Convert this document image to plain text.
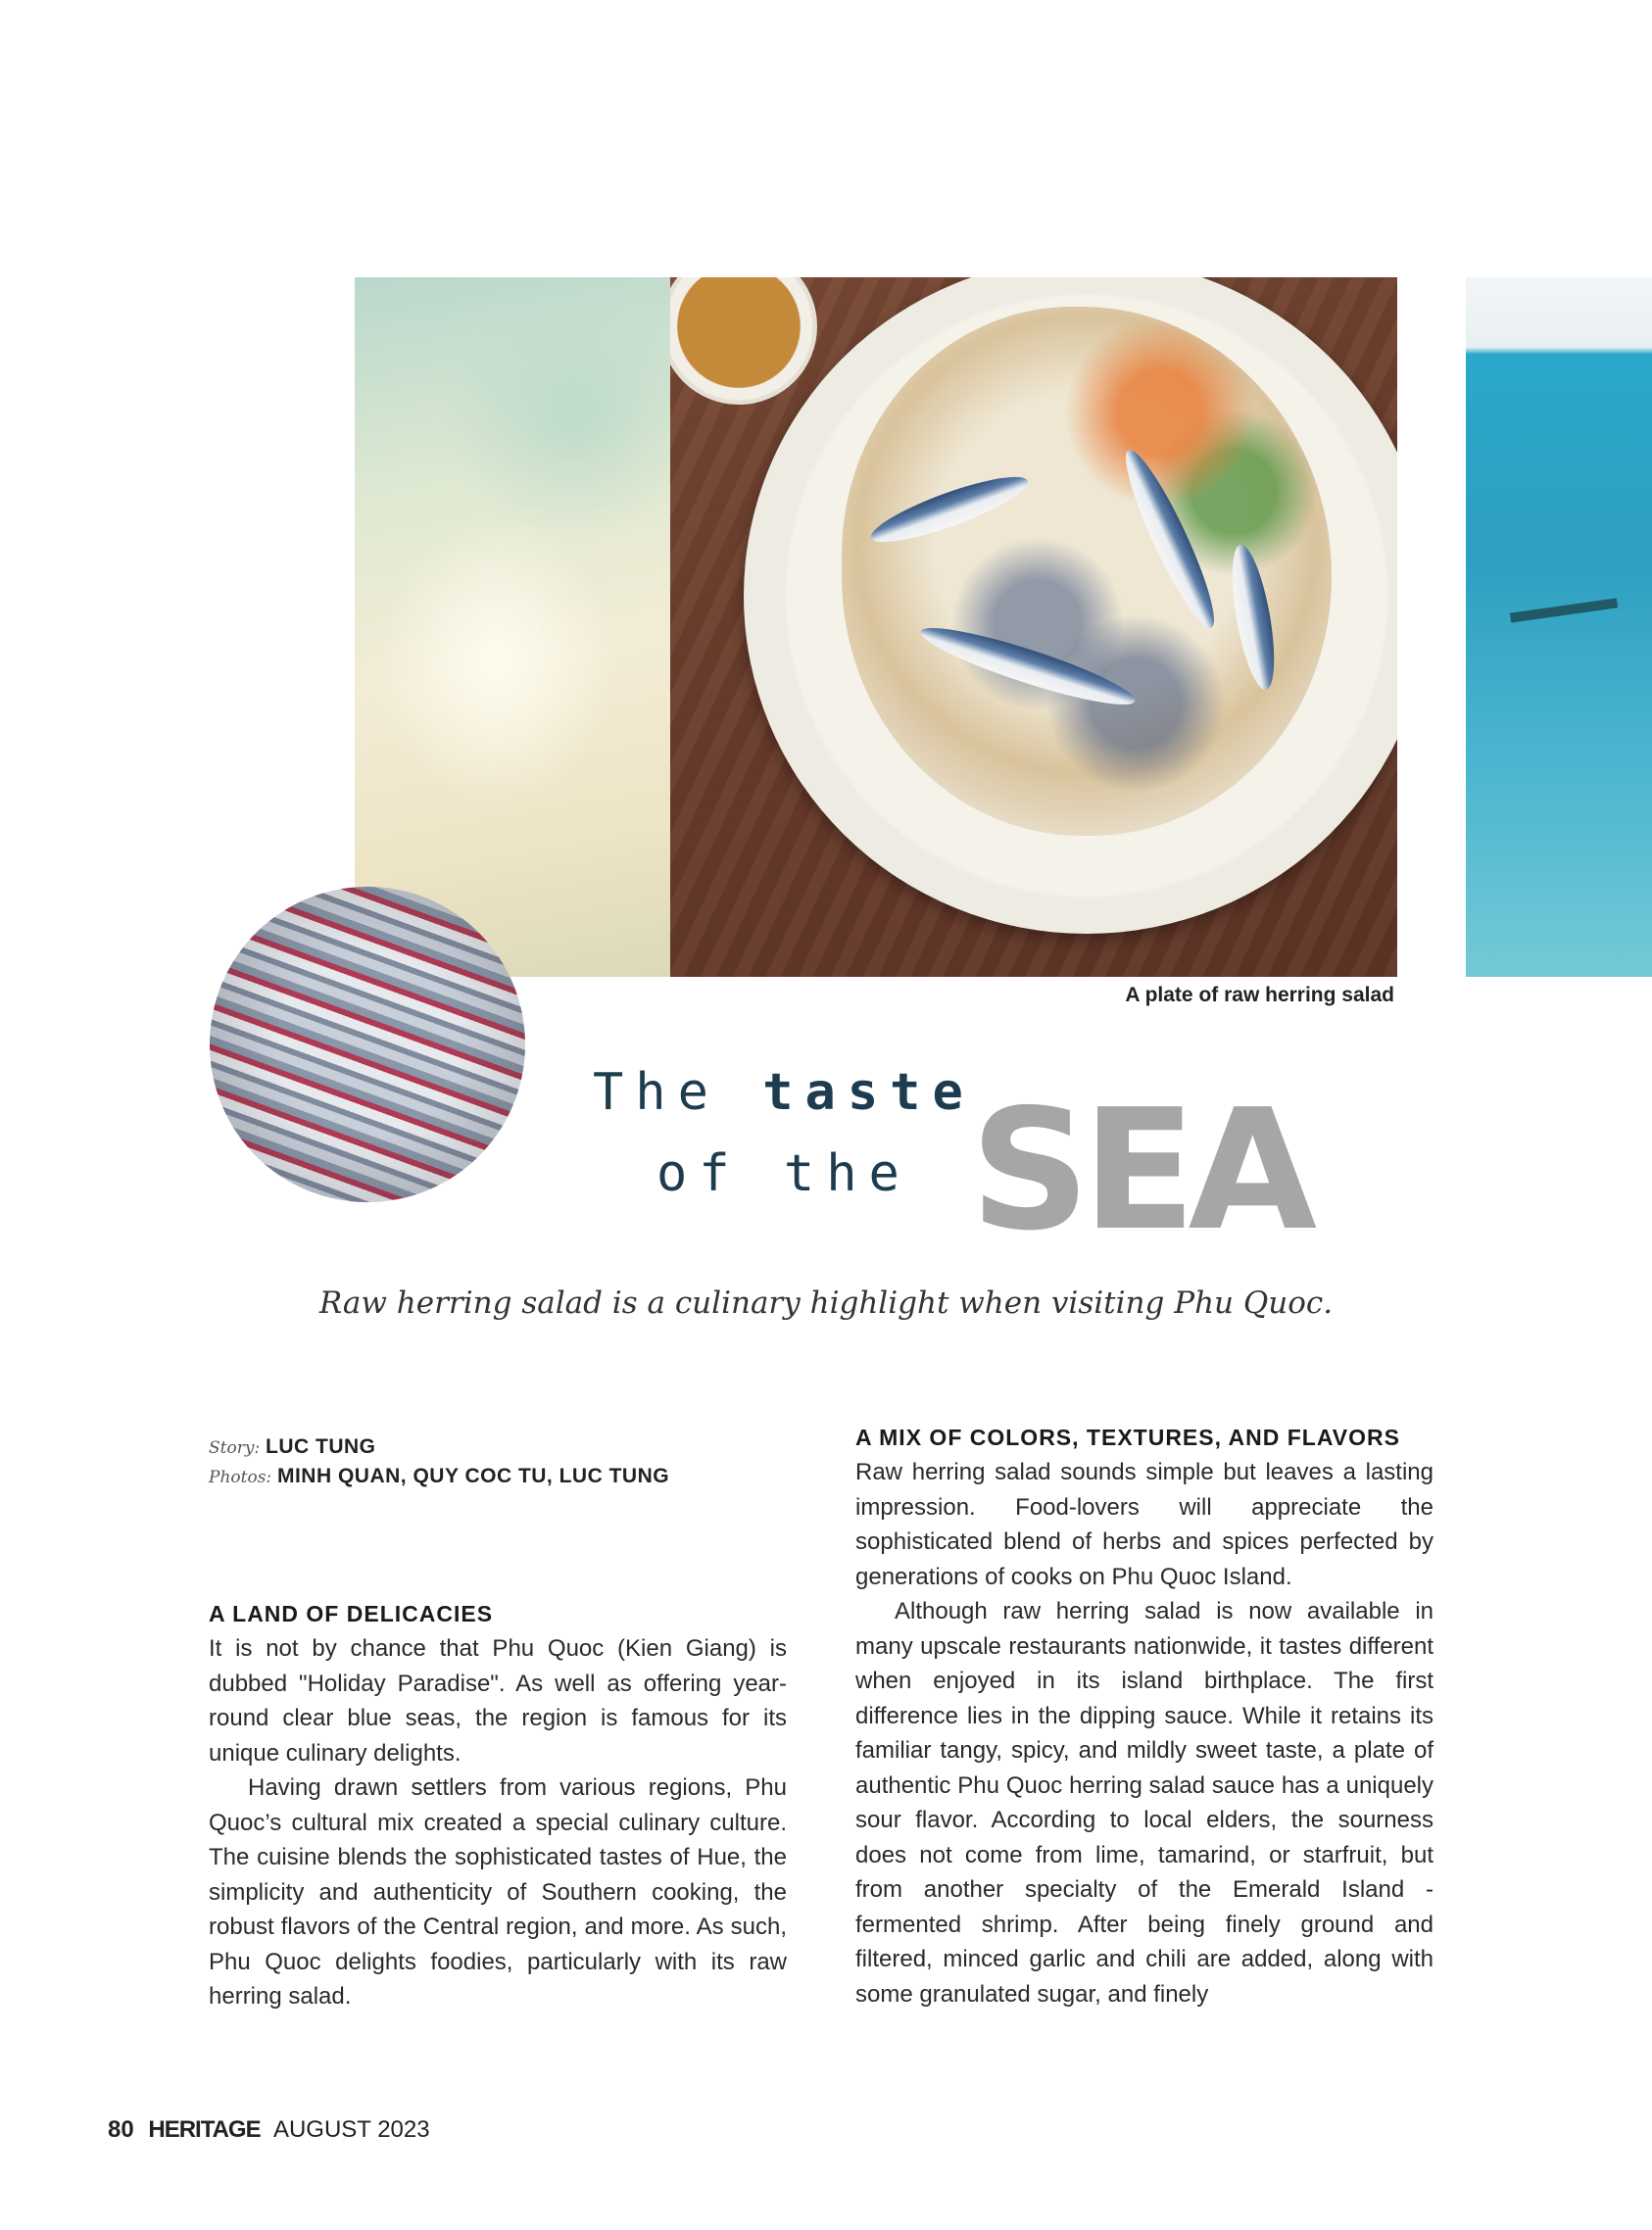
A plate of raw herring salad
The taste
of the SEA
Raw herring salad is a culinary highlight when visiting Phu Quoc.
Story: LUC TUNG
Photos: MINH QUAN, QUY COC TU, LUC TUNG
A LAND OF DELICACIES

It is not by chance that Phu Quoc (Kien Giang) is dubbed "Holiday Paradise". As well as offering year-round clear blue seas, the region is famous for its unique culinary delights.

Having drawn settlers from various regions, Phu Quoc’s cultural mix created a special culinary culture. The cuisine blends the sophisticated tastes of Hue, the simplicity and authenticity of Southern cooking, the robust flavors of the Central region, and more. As such, Phu Quoc delights foodies, particularly with its raw herring salad.

A MIX OF COLORS, TEXTURES, AND FLAVORS

Raw herring salad sounds simple but leaves a lasting impression. Food-lovers will appreciate the sophisticated blend of herbs and spices perfected by generations of cooks on Phu Quoc Island.

Although raw herring salad is now available in many upscale restaurants nationwide, it tastes different when enjoyed in its island birthplace. The first difference lies in the dipping sauce. While it retains its familiar tangy, spicy, and mildly sweet taste, a plate of authentic Phu Quoc herring salad sauce has a uniquely sour flavor. According to local elders, the sourness does not come from lime, tamarind, or starfruit, but from another specialty of the Emerald Island - fermented shrimp. After being finely ground and filtered, minced garlic and chili are added, along with some granulated sugar, and finely

80 HERITAGE AUGUST 2023
